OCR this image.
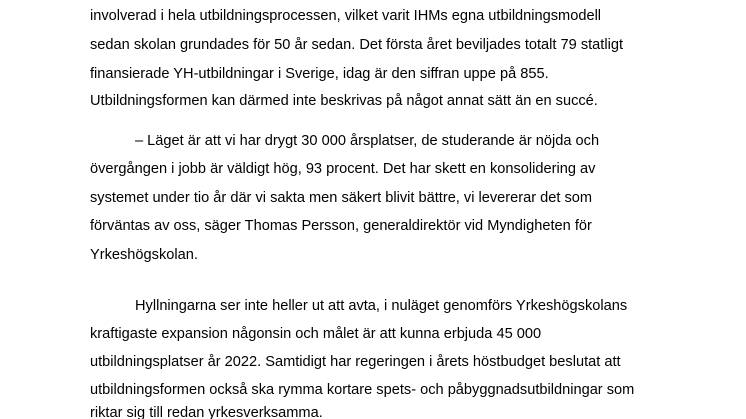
involverad i hela utbildningsprocessen, vilket varit IHMs egna utbildningsmodell
sedan skolan grundades för 50 år sedan. Det första året beviljades totalt 79 statligt
finansierade YH-utbildningar i Sverige, idag är den siffran uppe på 855.
Utbildningsformen kan därmed inte beskrivas på något annat sätt än en succé.
– Läget är att vi har drygt 30 000 årsplatser, de studerande är nöjda och
övergången i jobb är väldigt hög, 93 procent. Det har skett en konsolidering av
systemet under tio år där vi sakta men säkert blivit bättre, vi levererar det som
förväntas av oss, säger Thomas Persson, generaldirektör vid Myndigheten för
Yrkeshögskolan.
Hyllningarna ser inte heller ut att avta, i nuläget genomförs Yrkeshögskolans
kraftigaste expansion någonsin och målet är att kunna erbjuda 45 000
utbildningsplatser år 2022. Samtidigt har regeringen i årets höstbudget beslutat att
utbildningsformen också ska rymma kortare spets- och påbyggnadsutbildningar som
riktar sig till redan yrkesverksamma.
